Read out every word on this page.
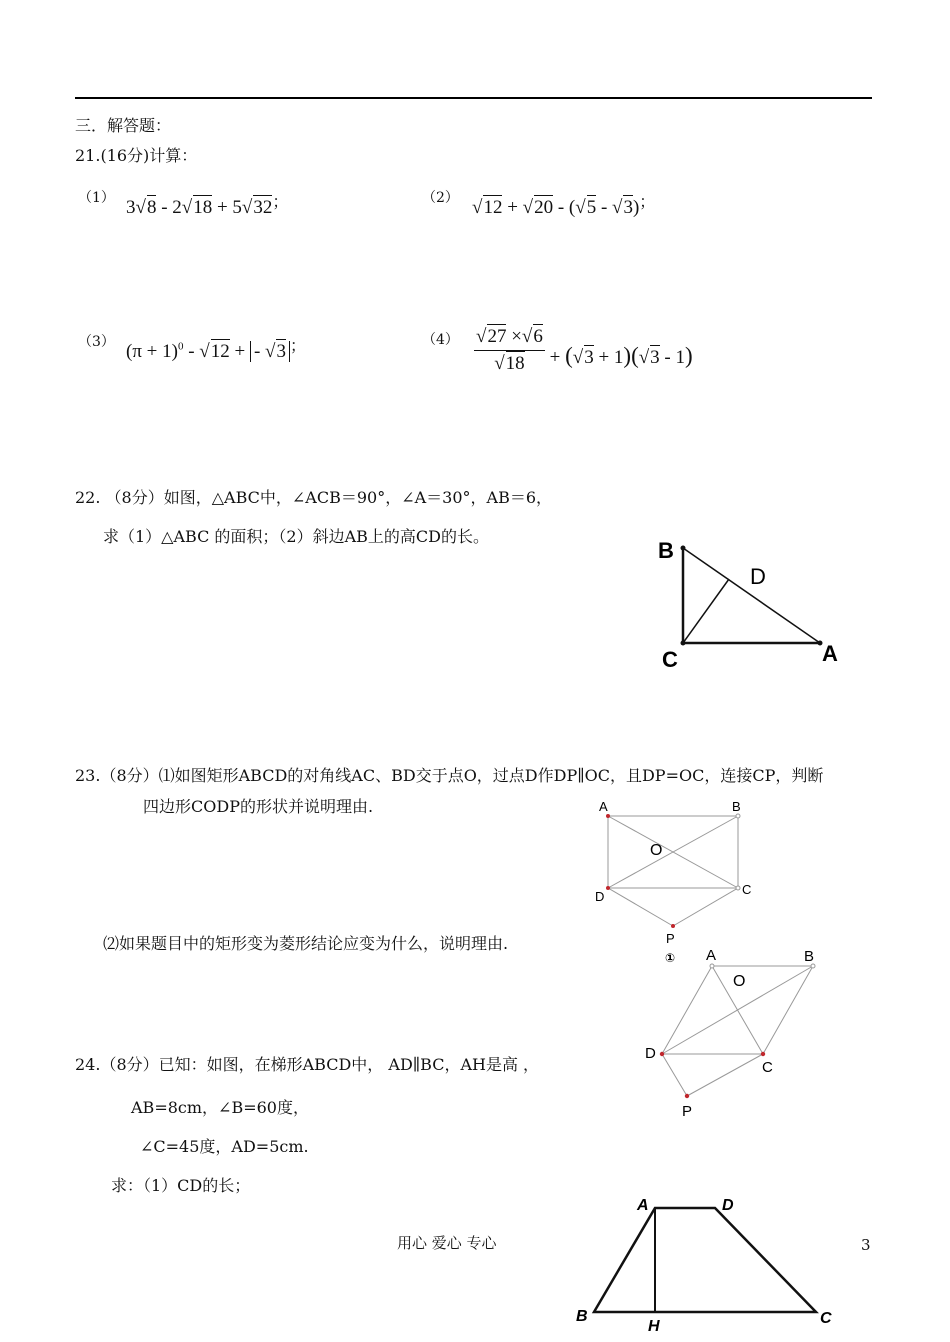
三．解答题：
21.(16分)计算：
（1） 3√8 - 2√18 + 5√32；	（2） √12 + √20 - (√5 - √3)；
（3） $(\pi + 1)^0 - √12$ + - √3 ；	$(4) \frac{√27 \times√6}{√18} + (√3 + 1)(√3 - 1)$
22. （8分）如图，△ABC中，∠ACB＝90°，∠A＝30°，AB＝6，
求（1）△ABC 的面积；（2）斜边AB上的高CD的长。
B
C	A
D
23.（8分）⑴如图矩形ABCD的对角线AC、BD交于点O，过点D作DP∥OC，且DP=OC，连接CP，判断
四边形CODP的形状并说明理由.	A	B
O
D	C
P
①
⑵如果题目中的矩形变为菱形结论应变为什么，说明理由.
A	B
O
D
C
P
24.（8分）已知：如图，在梯形ABCD中， AD∥BC，AH是高 ，
AB=8cm，∠B=60度，
∠C=45度，AD=5cm.
求：（1）CD的长；
A	D
B
H	C
用心 爱心 专心	3
